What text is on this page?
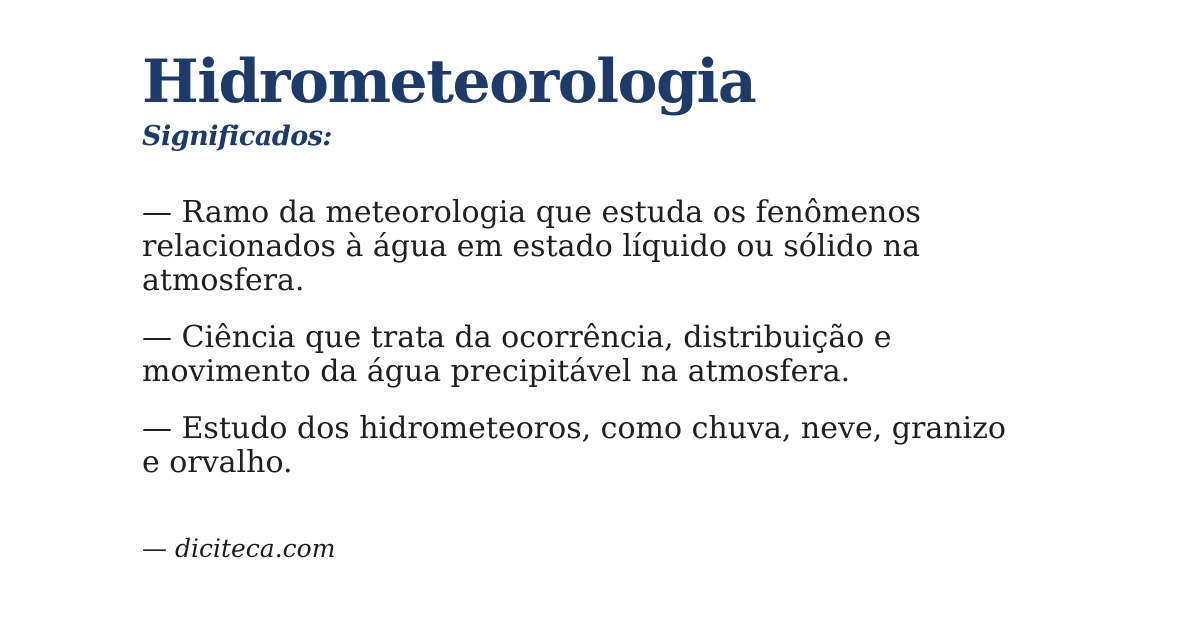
Hidrometeorologia
Significados:

— Ramo da meteorologia que estuda os fenômenos
relacionados à água em estado líquido ou sólido na
atmosfera.

— Ciência que trata da ocorrência, distribuição e
movimento da água precipitável na atmosfera.

— Estudo dos hidrometeoros, como chuva, neve, granizo
e orvalho.

— diciteca.com
